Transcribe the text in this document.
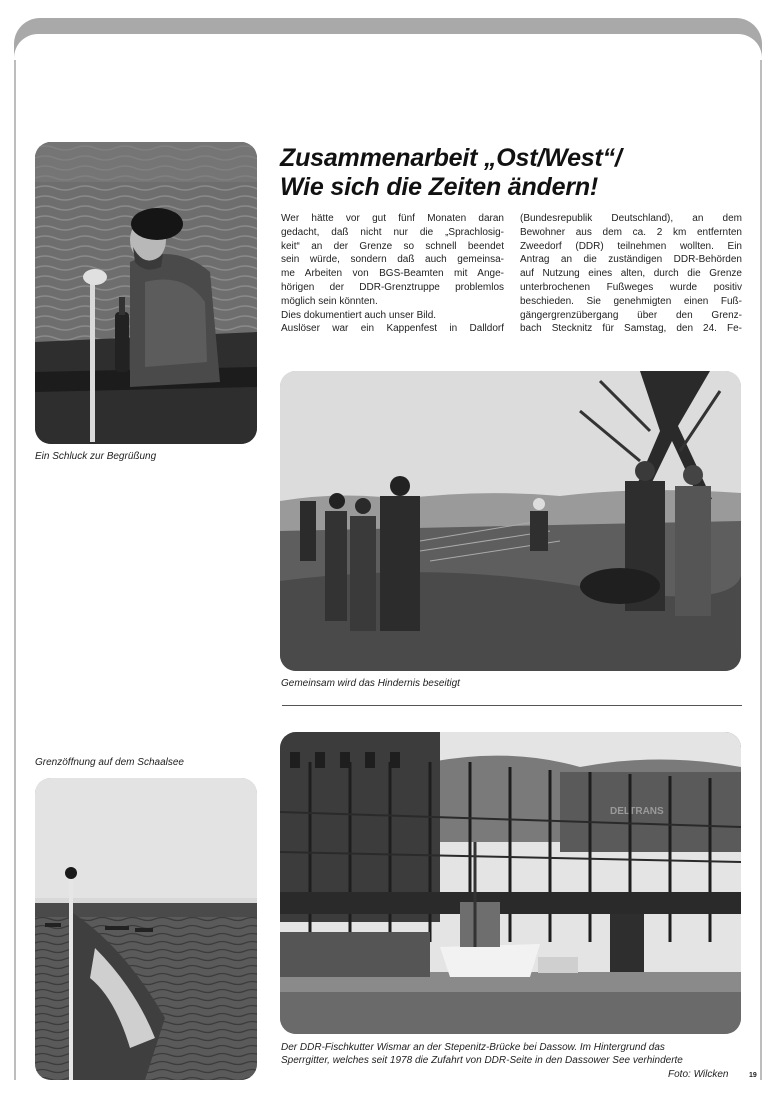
Ein Schluck zur Begrüßung
Zusammenarbeit „Ost/West“/
Wie sich die Zeiten ändern!

Wer hätte vor gut fünf Monaten daran

gedacht, daß nicht nur die „Sprachlosig-

keit“ an der Grenze so schnell beendet

sein würde, sondern daß auch gemeinsa-

me Arbeiten von BGS-Beamten mit Ange-

hörigen der DDR-Grenztruppe problemlos

möglich sein könnten.

Dies dokumentiert auch unser Bild.

Auslöser war ein Kappenfest in Dalldorf

(Bundesrepublik Deutschland), an dem

Bewohner aus dem ca. 2 km entfernten

Zweedorf (DDR) teilnehmen wollten. Ein

Antrag an die zuständigen DDR-Behörden

auf Nutzung eines alten, durch die Grenze

unterbrochenen Fußweges wurde positiv

beschieden. Sie genehmigten einen Fuß-

gängergrenzübergang über den Grenz-

bach Stecknitz für Samstag, den 24. Fe-

Gemeinsam wird das Hindernis beseitigt
Grenzöffnung auf dem Schaalsee
DELTRANS
Der DDR-Fischkutter Wismar an der Stepenitz-Brücke bei Dassow. Im Hintergrund das
Sperrgitter, welches seit 1978 die Zufahrt von DDR-Seite in den Dassower See verhinderte
Foto: Wilcken	19
